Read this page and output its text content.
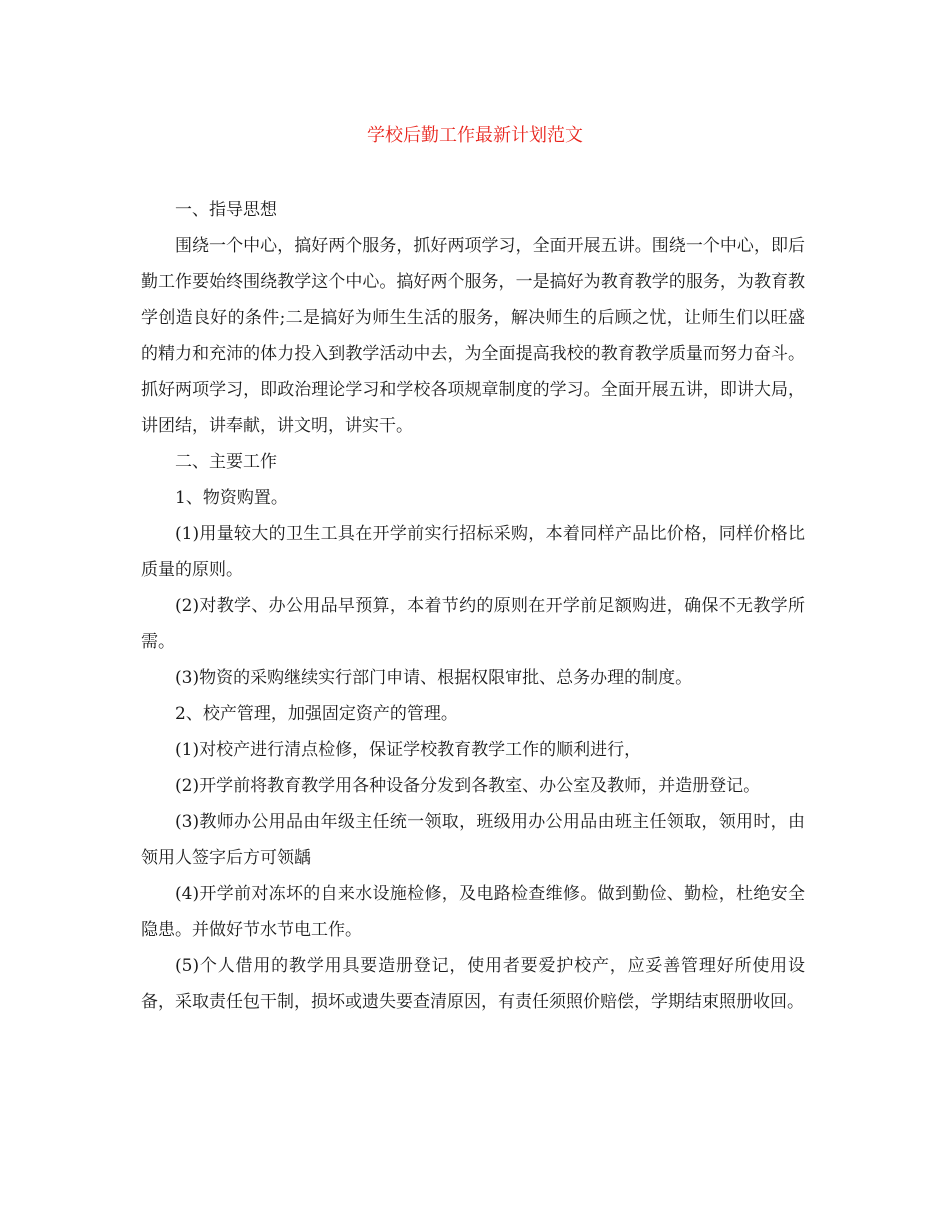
学校后勤工作最新计划范文

一、指导思想

围绕一个中心，搞好两个服务，抓好两项学习，全面开展五讲。围绕一个中心，即后勤工作要始终围绕教学这个中心。搞好两个服务，一是搞好为教育教学的服务，为教育教学创造良好的条件;二是搞好为师生生活的服务，解决师生的后顾之忧，让师生们以旺盛的精力和充沛的体力投入到教学活动中去，为全面提高我校的教育教学质量而努力奋斗。抓好两项学习，即政治理论学习和学校各项规章制度的学习。全面开展五讲，即讲大局，讲团结，讲奉献，讲文明，讲实干。

二、主要工作

1、物资购置。

(1)用量较大的卫生工具在开学前实行招标采购，本着同样产品比价格，同样价格比质量的原则。

(2)对教学、办公用品早预算，本着节约的原则在开学前足额购进，确保不无教学所需。

(3)物资的采购继续实行部门申请、根据权限审批、总务办理的制度。

2、校产管理，加强固定资产的管理。

(1)对校产进行清点检修，保证学校教育教学工作的顺利进行，

(2)开学前将教育教学用各种设备分发到各教室、办公室及教师，并造册登记。

(3)教师办公用品由年级主任统一领取，班级用办公用品由班主任领取，领用时，由领用人签字后方可领龋

(4)开学前对冻坏的自来水设施检修，及电路检查维修。做到勤俭、勤检，杜绝安全隐患。并做好节水节电工作。

(5)个人借用的教学用具要造册登记，使用者要爱护校产，应妥善管理好所使用设备，采取责任包干制，损坏或遗失要查清原因，有责任须照价赔偿，学期结束照册收回。
